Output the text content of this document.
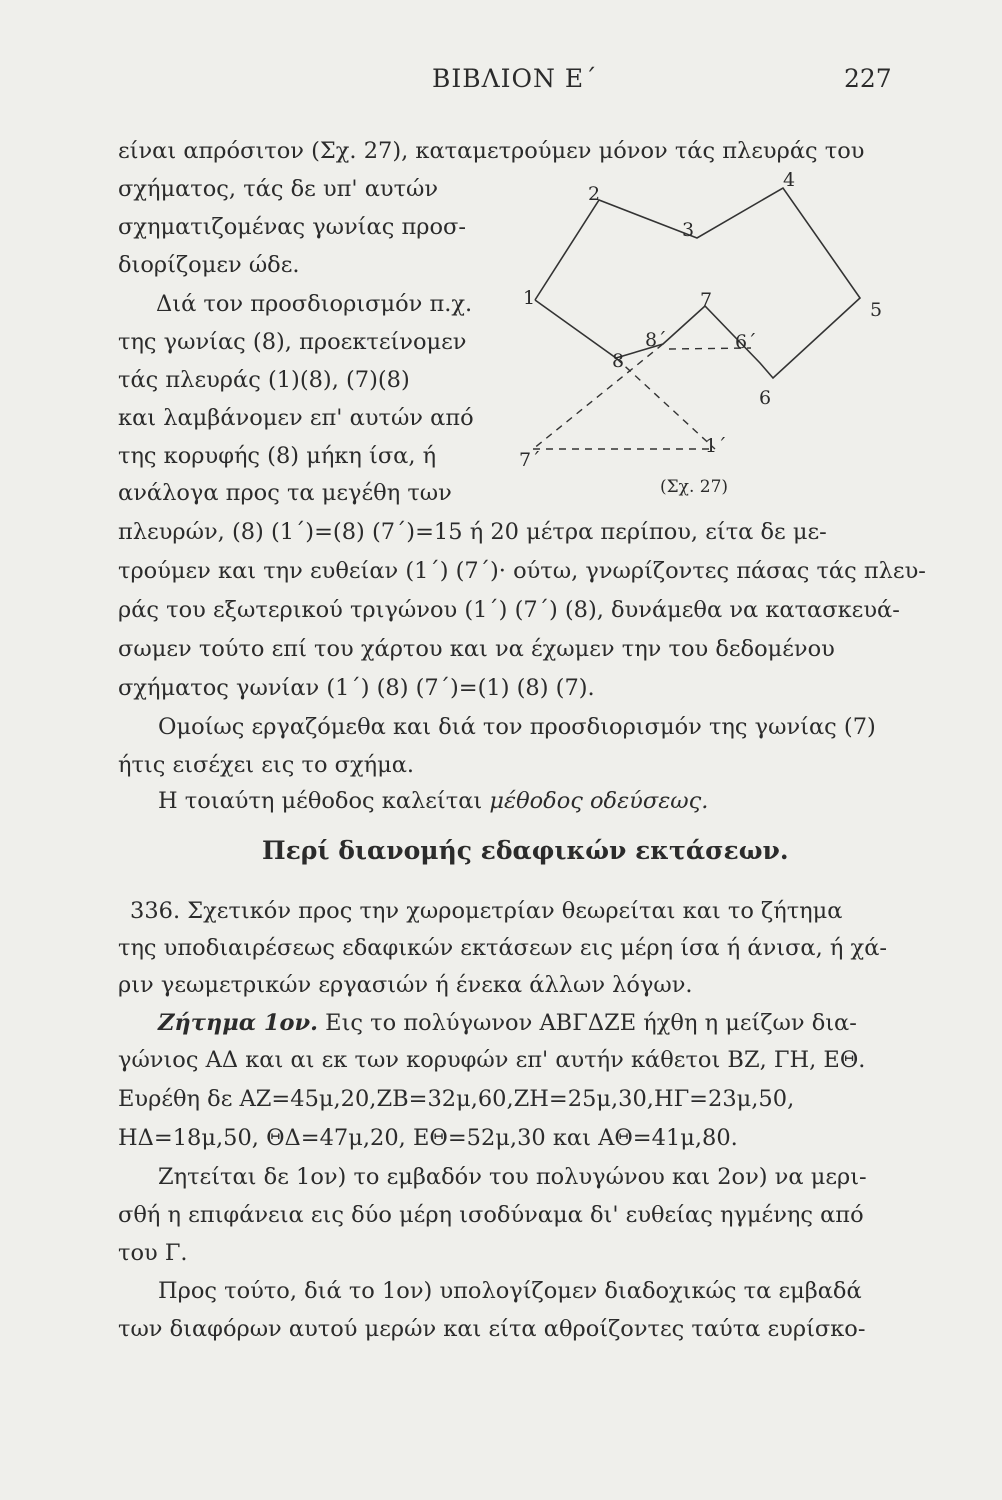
ΒΙΒΛΙΟΝ Ε΄	227
1
2
3
4
5
6
6΄
7
8
8΄
1΄
7΄
(Σχ. 27)
είναι απρόσιτον (Σχ. 27), καταμετρούμεν μόνον τάς πλευράς του
σχήματος, τάς δε υπ' αυτών
σχηματιζομένας γωνίας προσ-
διορίζομεν ώδε.
Διά τον προσδιορισμόν π.χ.
της γωνίας (8), προεκτείνομεν
τάς πλευράς (1)(8), (7)(8)
και λαμβάνομεν επ' αυτών από
της κορυφής (8) μήκη ίσα, ή
ανάλογα προς τα μεγέθη των
πλευρών, (8) (1΄)=(8) (7΄)=15 ή 20 μέτρα περίπου, είτα δε με-
τρούμεν και την ευθείαν (1΄) (7΄)· ούτω, γνωρίζοντες πάσας τάς πλευ-
ράς του εξωτερικού τριγώνου (1΄) (7΄) (8), δυνάμεθα να κατασκευά-
σωμεν τούτο επί του χάρτου και να έχωμεν την του δεδομένου
σχήματος γωνίαν (1΄) (8) (7΄)=(1) (8) (7).
Ομοίως εργαζόμεθα και διά τον προσδιορισμόν της γωνίας (7)
ήτις εισέχει εις το σχήμα.
Η τοιαύτη μέθοδος καλείται μέθοδος οδεύσεως.
Περί διανομής εδαφικών εκτάσεων.
336. Σχετικόν προς την χωρομετρίαν θεωρείται και το ζήτημα
της υποδιαιρέσεως εδαφικών εκτάσεων εις μέρη ίσα ή άνισα, ή χά-
ριν γεωμετρικών εργασιών ή ένεκα άλλων λόγων.
Ζήτημα 1ον. Εις το πολύγωνον ΑΒΓΔΖΕ ήχθη η μείζων δια-
γώνιος ΑΔ και αι εκ των κορυφών επ' αυτήν κάθετοι ΒΖ, ΓΗ, ΕΘ.
Ευρέθη δε ΑΖ=45μ,20,ΖΒ=32μ,60,ΖΗ=25μ,30,ΗΓ=23μ,50,
ΗΔ=18μ,50, ΘΔ=47μ,20, ΕΘ=52μ,30 και ΑΘ=41μ,80.
Ζητείται δε 1ον) το εμβαδόν του πολυγώνου και 2ον) να μερι-
σθή η επιφάνεια εις δύο μέρη ισοδύναμα δι' ευθείας ηγμένης από
του Γ.
Προς τούτο, διά το 1ον) υπολογίζομεν διαδοχικώς τα εμβαδά
των διαφόρων αυτού μερών και είτα αθροίζοντες ταύτα ευρίσκο-
